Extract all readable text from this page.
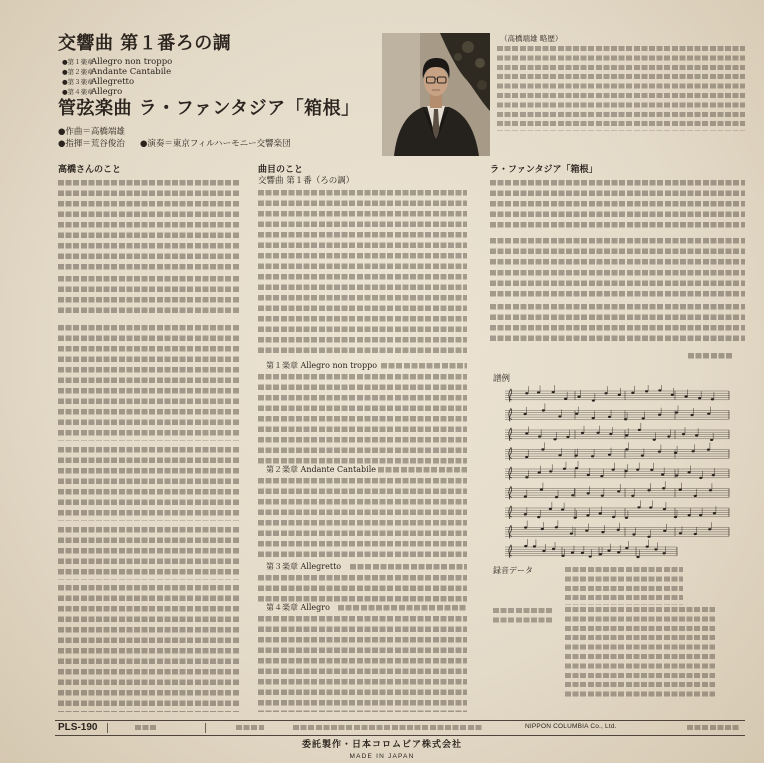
交響曲 第１番ろの調
●第１楽章Allegro non troppo
●第２楽章Andante Cantabile
●第３楽章Allegretto
●第４楽章Allegro
管弦楽曲 ラ・ファンタジア「箱根」
●作曲＝高橋端雄
●指揮＝荒谷俊治 ●演奏＝東京フィルハーモニー交響楽団
（高橋端雄 略歴）
高橋さんのこと	曲目のこと
交響曲 第１番（ろの調）
第１楽章 Allegro non troppo
第２楽章 Andante Cantabile
第３楽章 Allegretto
第４楽章 Allegro
ラ・ファンタジア「箱根」
譜例
録音データ
PLS-190	NIPPON COLUMBIA Co., Ltd.
委託製作・日本コロムビア株式会社
MADE IN JAPAN
